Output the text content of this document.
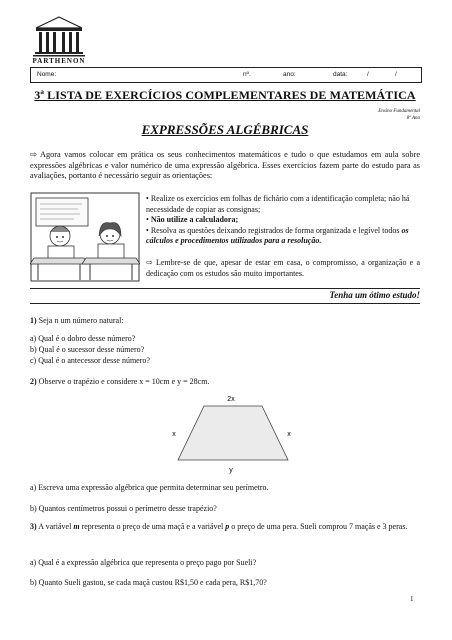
PARTHENON
Nome:	nº.	ano:	data:	/	/
3ª LISTA DE EXERCÍCIOS COMPLEMENTARES DE MATEMÁTICA
Ensino Fundamental
8º Ano
EXPRESSÕES ALGÉBRICAS
⇨ Agora vamos colocar em prática os seus conhecimentos matemáticos e tudo o que estudamos em aula sobre expressões algébricas e valor numérico de uma expressão algébrica. Esses exercícios fazem parte do estudo para as avaliações, portanto é necessário seguir as orientações:

• Realize os exercícios em folhas de fichário com a identificação completa; não há necessidade de copiar as consignas;

• Não utilize a calculadora;

• Resolva as questões deixando registrados de forma organizada e legível todos os cálculos e procedimentos utilizados para a resolução.

⇨ Lembre-se de que, apesar de estar em casa, o compromisso, a organização e a dedicação com os estudos são muito importantes.
Tenha um ótimo estudo!
1) Seja n um número natural:
a) Qual é o dobro desse número?
b) Qual é o sucessor desse número?
c) Qual é o antecessor desse número?
2) Observe o trapézio e considere x = 10cm e y = 28cm.
2x
x	x
y
a) Escreva uma expressão algébrica que permita determinar seu perímetro.
b) Quantos centímetros possui o perímetro desse trapézio?
3) A variável m representa o preço de uma maçã e a variável p o preço de uma pera. Sueli comprou 7 maçãs e 3 peras.
a) Qual é a expressão algébrica que representa o preço pago por Sueli?
b) Quanto Sueli gastou, se cada maçã custou R$1,50 e cada pera, R$1,70?
1
